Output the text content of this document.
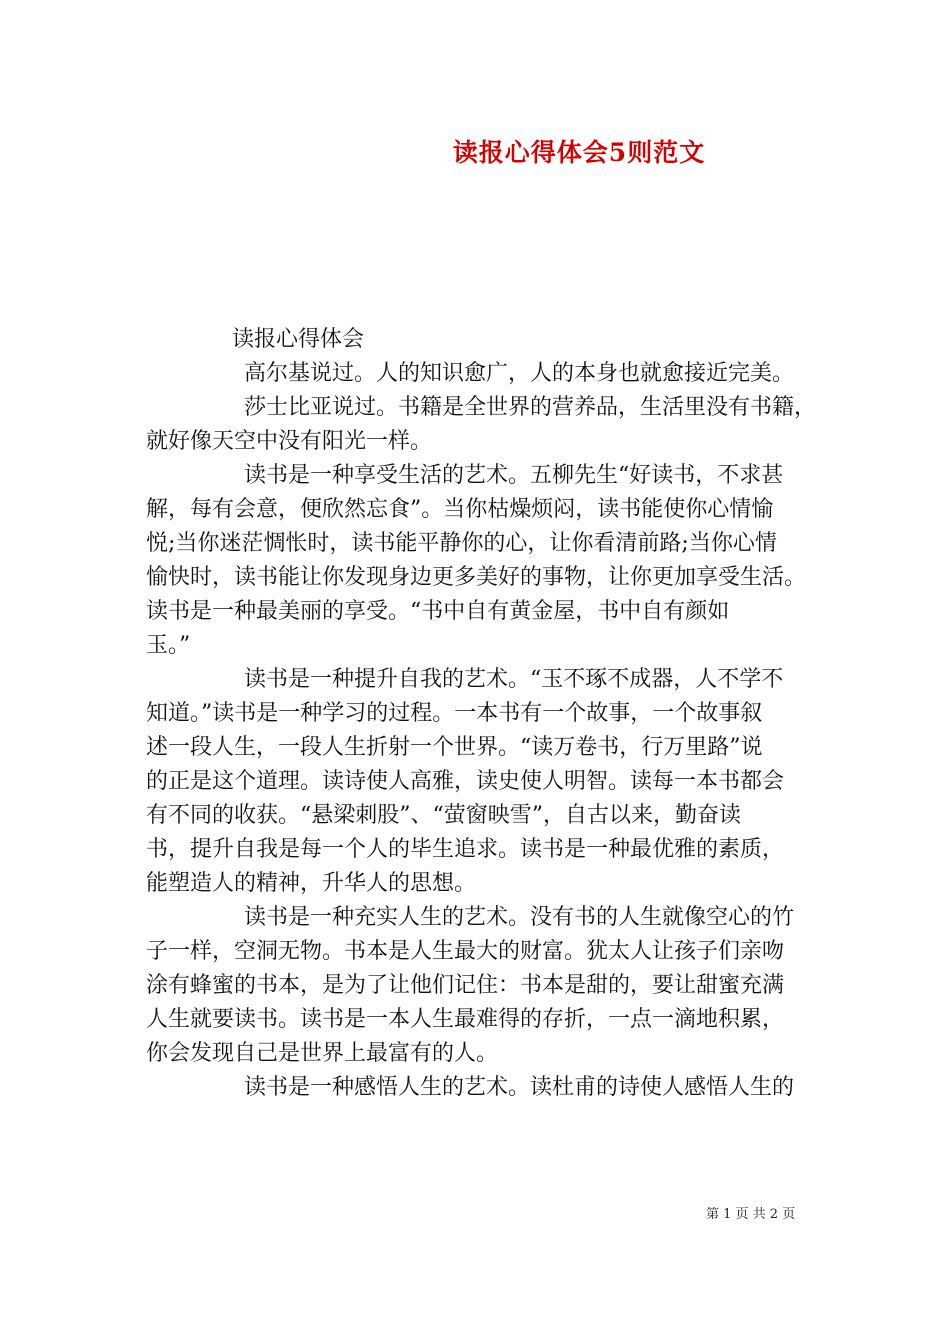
读报心得体会5则范文
读报心得体会
高尔基说过。人的知识愈广，人的本身也就愈接近完美。
莎士比亚说过。书籍是全世界的营养品，生活里没有书籍，
就好像天空中没有阳光一样。
读书是一种享受生活的艺术。五柳先生“好读书，不求甚
解，每有会意，便欣然忘食”。当你枯燥烦闷，读书能使你心情愉
悦;当你迷茫惆怅时，读书能平静你的心，让你看清前路;当你心情
愉快时，读书能让你发现身边更多美好的事物，让你更加享受生活。
读书是一种最美丽的享受。“书中自有黄金屋，书中自有颜如
玉。”
读书是一种提升自我的艺术。“玉不琢不成器，人不学不
知道。”读书是一种学习的过程。一本书有一个故事，一个故事叙
述一段人生，一段人生折射一个世界。“读万卷书，行万里路”说
的正是这个道理。读诗使人高雅，读史使人明智。读每一本书都会
有不同的收获。“悬梁刺股”、“萤窗映雪”，自古以来，勤奋读
书，提升自我是每一个人的毕生追求。读书是一种最优雅的素质，
能塑造人的精神，升华人的思想。
读书是一种充实人生的艺术。没有书的人生就像空心的竹
子一样，空洞无物。书本是人生最大的财富。犹太人让孩子们亲吻
涂有蜂蜜的书本，是为了让他们记住：书本是甜的，要让甜蜜充满
人生就要读书。读书是一本人生最难得的存折，一点一滴地积累，
你会发现自己是世界上最富有的人。
读书是一种感悟人生的艺术。读杜甫的诗使人感悟人生的
第 1 页 共 2 页
